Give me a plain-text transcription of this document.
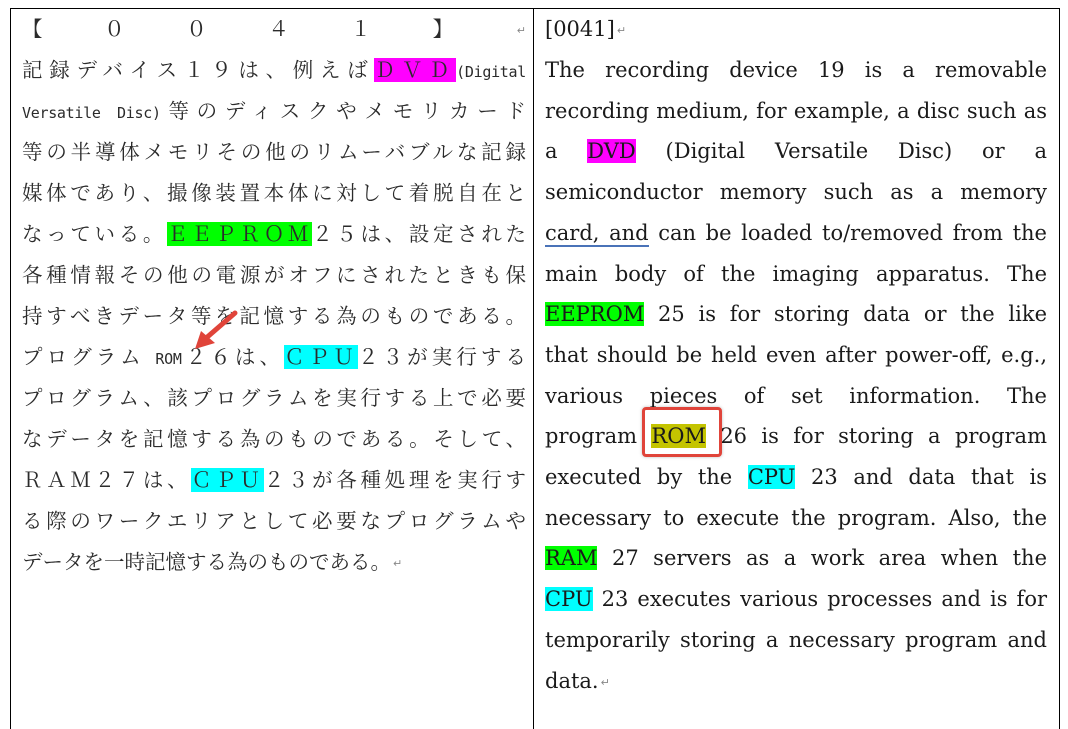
【００４１】 ↵
記録デバイス１９は、例えばＤＶＤ(Digital
Versatile Disc)等のディスクやメモリカード
等の半導体メモリその他のリムーバブルな記録
媒体であり、撮像装置本体に対して着脱自在と
なっている。ＥＥＰＲＯＭ２５は、設定された
各種情報その他の電源がオフにされたときも保
持すべきデータ等を記憶する為のものである。
プログラム ROM２６は、ＣＰＵ２３が実行する
プログラム、該プログラムを実行する上で必要
なデータを記憶する為のものである。そして、
ＲＡＭ２７は、ＣＰＵ２３が各種処理を実行す
る際のワークエリアとして必要なプログラムや
データを一時記憶する為のものである。 ↵
[0041] ↵
The recording device 19 is a removable
recording medium, for example, a disc such as
a DVD (Digital Versatile Disc) or a
semiconductor memory such as a memory
card, and can be loaded to/removed from the
main body of the imaging apparatus. The
EEPROM 25 is for storing data or the like
that should be held even after power-off, e.g.,
various pieces of set information. The
program ROM 26 is for storing a program
executed by the CPU 23 and data that is
necessary to execute the program. Also, the
RAM 27 servers as a work area when the
CPU 23 executes various processes and is for
temporarily storing a necessary program and
data. ↵
